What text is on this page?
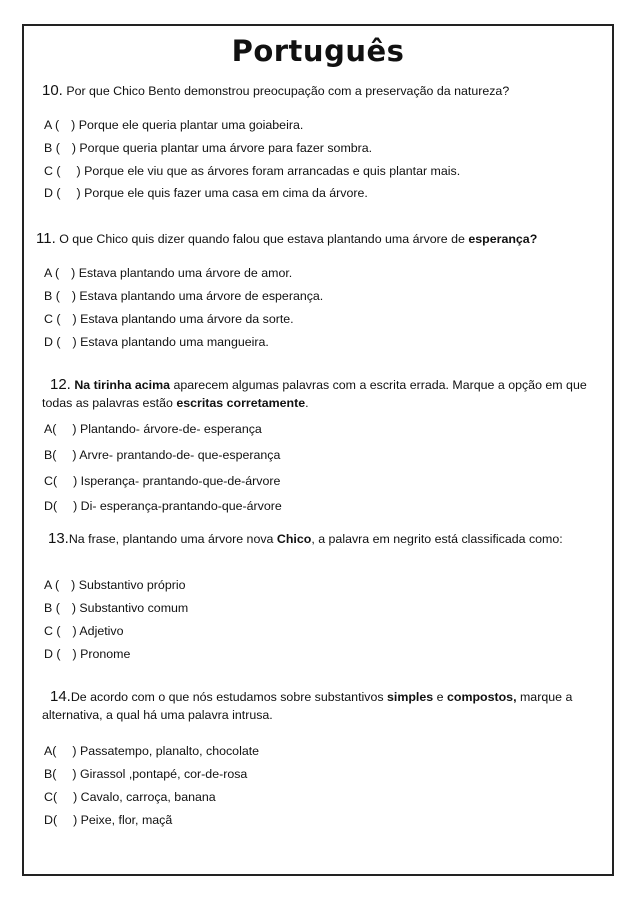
Português
10. Por que Chico Bento demonstrou preocupação com a preservação da natureza?
A ( ) Porque ele queria plantar uma goiabeira.
B ( ) Porque queria plantar uma árvore para fazer sombra.
C ( ) Porque ele viu que as árvores foram arrancadas e quis plantar mais.
D ( ) Porque ele quis fazer uma casa em cima da árvore.
11. O que Chico quis dizer quando falou que estava plantando uma árvore de esperança?
A ( ) Estava plantando uma árvore de amor.
B ( ) Estava plantando uma árvore de esperança.
C ( ) Estava plantando uma árvore da sorte.
D ( ) Estava plantando uma mangueira.
12. Na tirinha acima aparecem algumas palavras com a escrita errada. Marque a opção em que todas as palavras estão escritas corretamente.
A( ) Plantando- árvore-de- esperança
B( ) Arvre- prantando-de- que-esperança
C( ) Isperança- prantando-que-de-árvore
D( ) Di- esperança-prantando-que-árvore
13.Na frase, plantando uma árvore nova Chico, a palavra em negrito está classificada como:
A ( ) Substantivo próprio
B ( ) Substantivo comum
C ( ) Adjetivo
D ( ) Pronome
14.De acordo com o que nós estudamos sobre substantivos simples e compostos, marque a alternativa, a qual há uma palavra intrusa.
A( ) Passatempo, planalto, chocolate
B( ) Girassol ,pontapé, cor-de-rosa
C( ) Cavalo, carroça, banana
D( ) Peixe, flor, maçã
